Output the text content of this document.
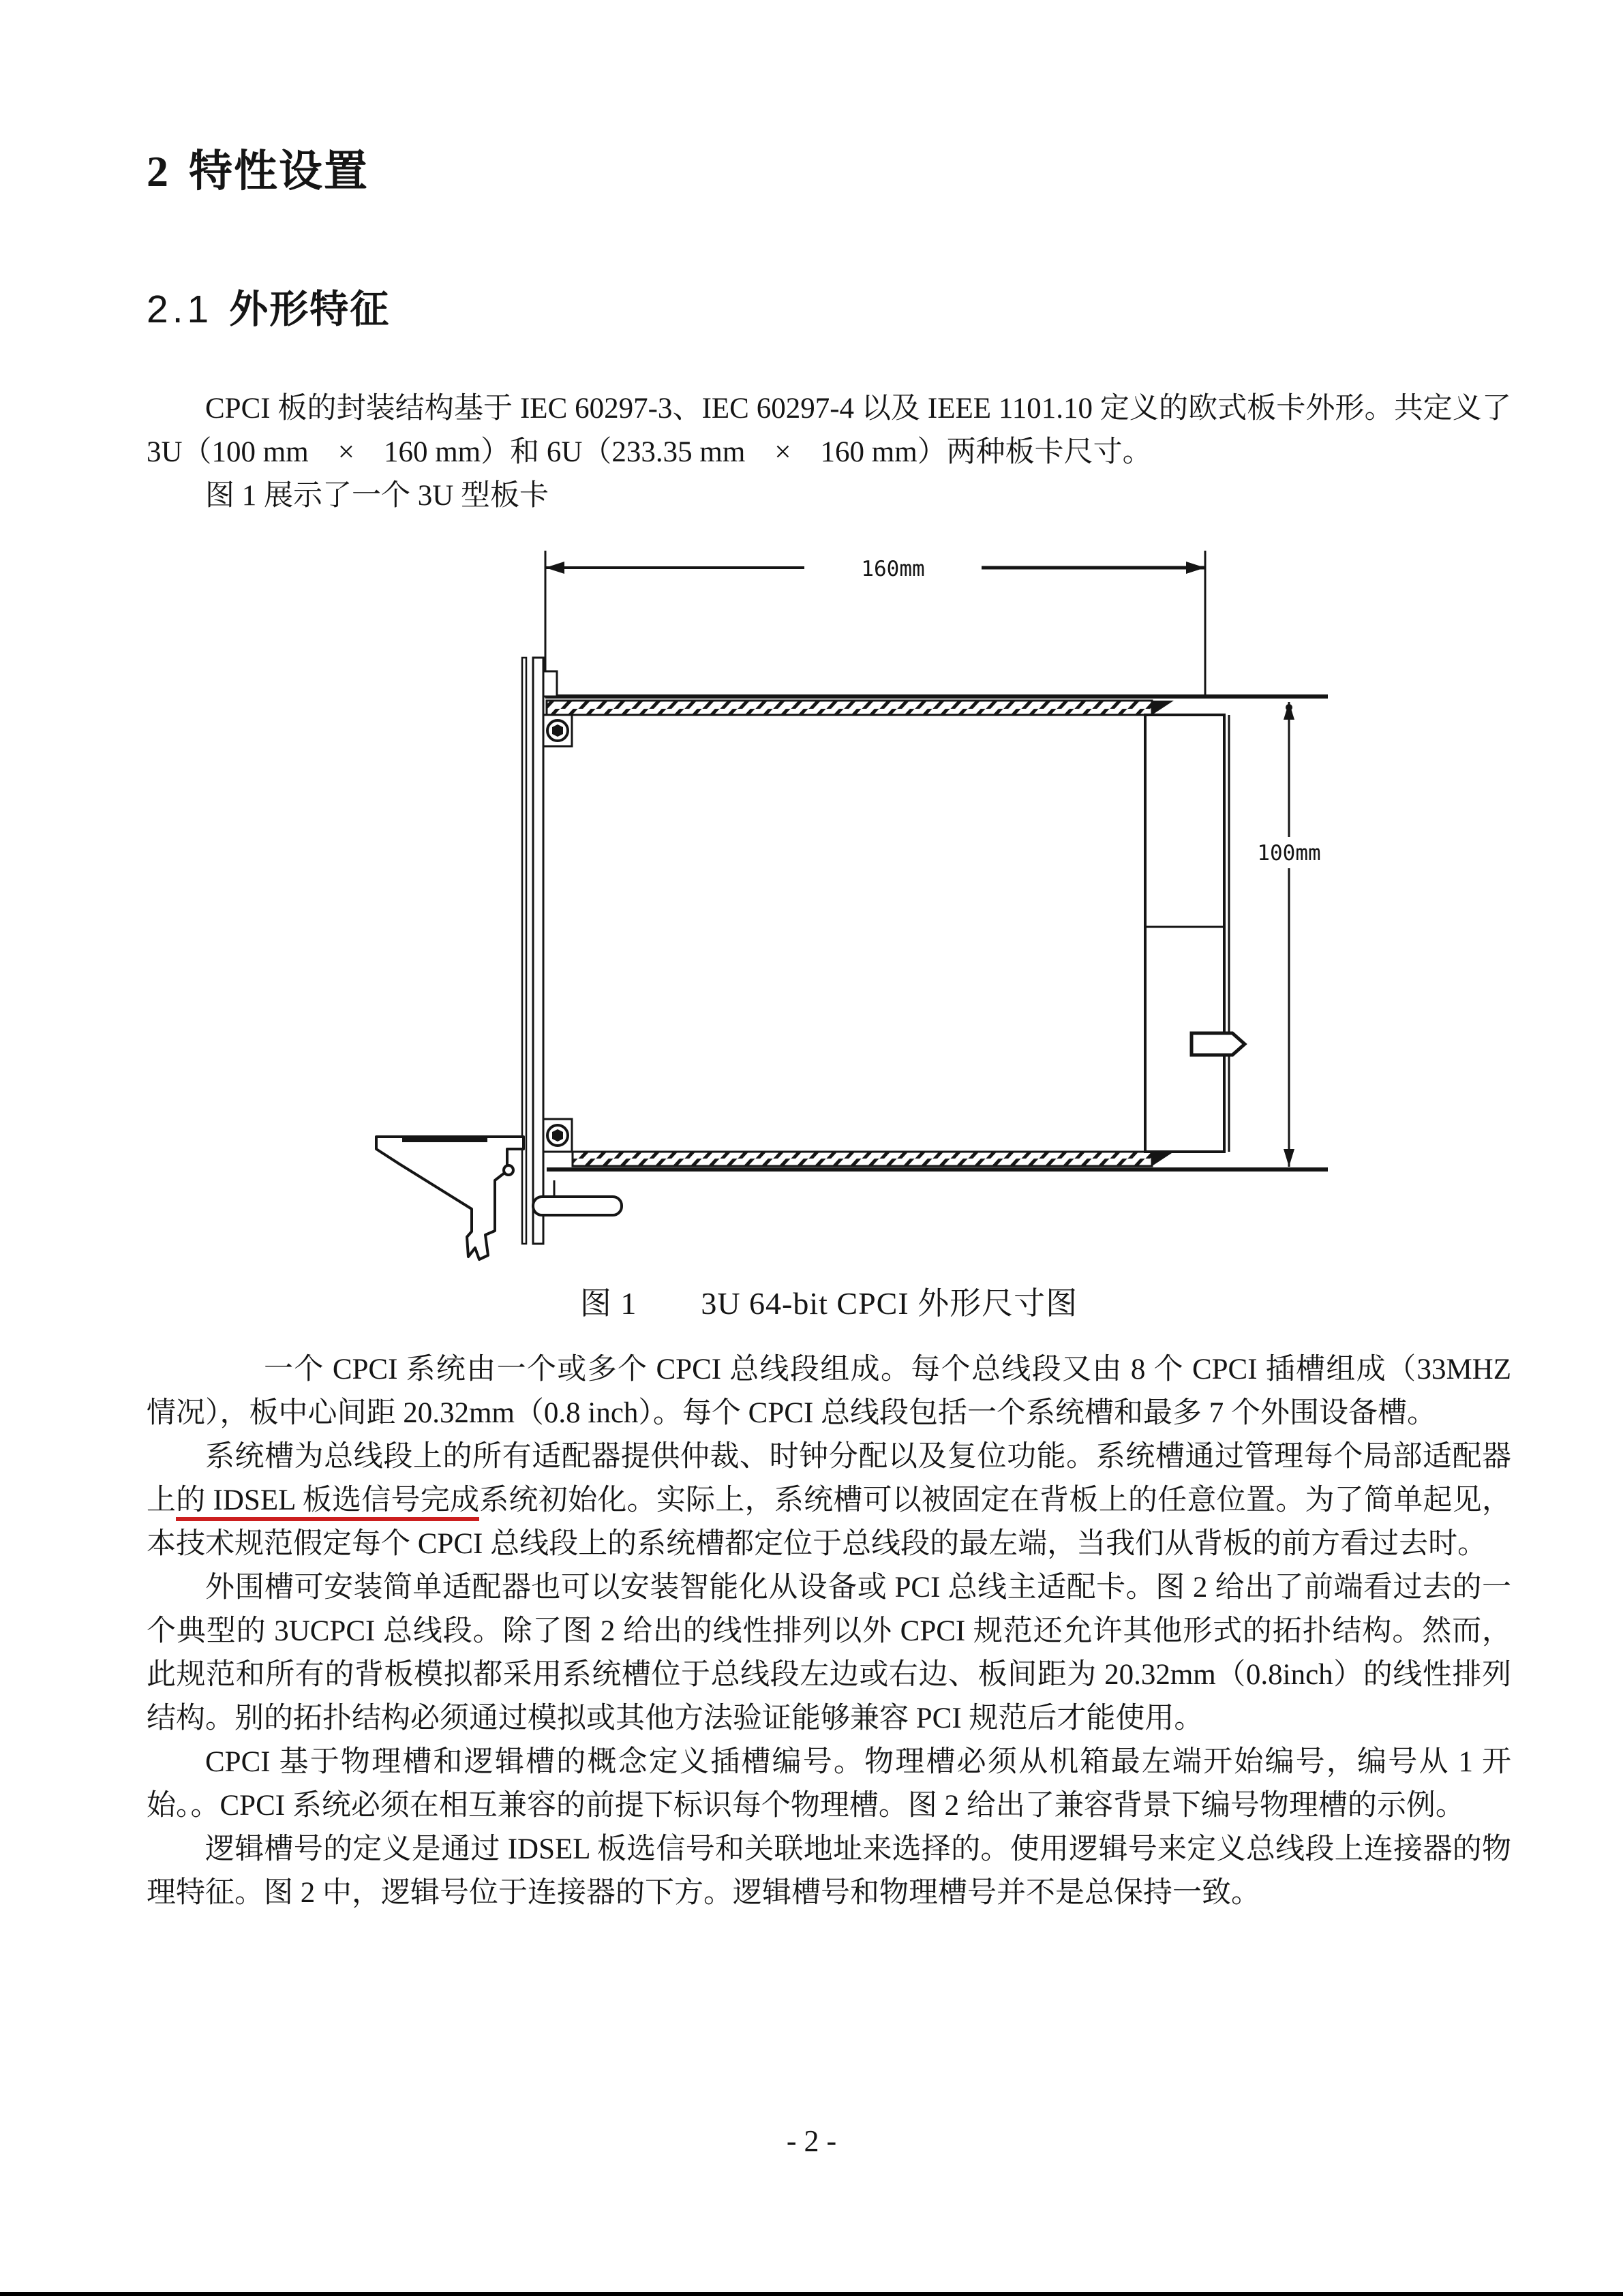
2 特性设置
2.1 外形特征

CPCI 板的封装结构基于 IEC 60297-3、IEC 60297-4 以及 IEEE 1101.10 定义的欧式板卡外形。共定义了 3U（100 mm　×　160 mm）和 6U（233.35 mm　×　160 mm）两种板卡尺寸。

图 1 展示了一个 3U 型板卡

160mm
100mm
图 1　　3U 64-bit CPCI 外形尺寸图

一个 CPCI 系统由一个或多个 CPCI 总线段组成。每个总线段又由 8 个 CPCI 插槽组成（33MHZ 情况），板中心间距 20.32mm（0.8 inch）。每个 CPCI 总线段包括一个系统槽和最多 7 个外围设备槽。

系统槽为总线段上的所有适配器提供仲裁、时钟分配以及复位功能。系统槽通过管理每个局部适配器上的 IDSEL 板选信号完成系统初始化。实际上，系统槽可以被固定在背板上的任意位置。为了简单起见，本技术规范假定每个 CPCI 总线段上的系统槽都定位于总线段的最左端，当我们从背板的前方看过去时。

外围槽可安装简单适配器也可以安装智能化从设备或 PCI 总线主适配卡。图 2 给出了前端看过去的一个典型的 3UCPCI 总线段。除了图 2 给出的线性排列以外 CPCI 规范还允许其他形式的拓扑结构。然而，此规范和所有的背板模拟都采用系统槽位于总线段左边或右边、板间距为 20.32mm（0.8inch）的线性排列结构。别的拓扑结构必须通过模拟或其他方法验证能够兼容 PCI 规范后才能使用。

CPCI 基于物理槽和逻辑槽的概念定义插槽编号。物理槽必须从机箱最左端开始编号，编号从 1 开始。。CPCI 系统必须在相互兼容的前提下标识每个物理槽。图 2 给出了兼容背景下编号物理槽的示例。

逻辑槽号的定义是通过 IDSEL 板选信号和关联地址来选择的。使用逻辑号来定义总线段上连接器的物理特征。图 2 中，逻辑号位于连接器的下方。逻辑槽号和物理槽号并不是总保持一致。

- 2 -
